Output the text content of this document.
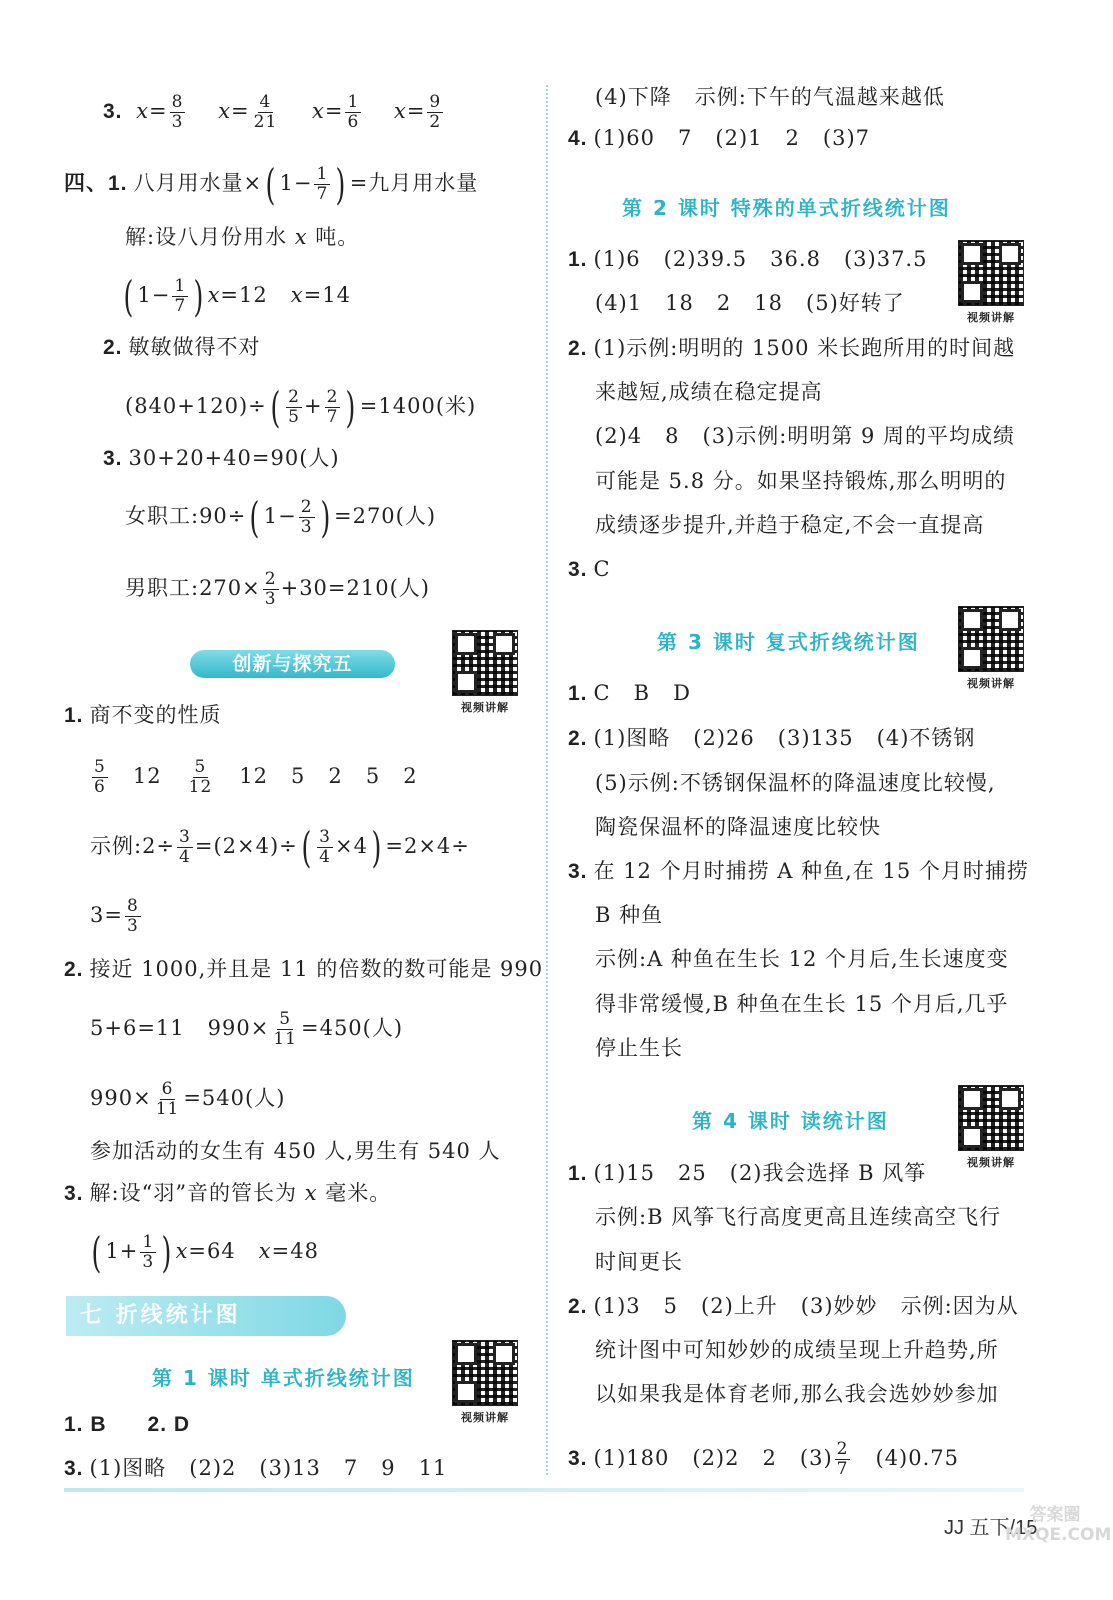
3. $x= \frac{8}{3} x= \frac{4}{21} x= \frac{1}{6} x= \frac{9}{2}$
四、1. 八月用水量×( $1- \frac{1}{7}$ ) =九月用水量
解:设八月份用水 x 吨。
( $1- \frac{1}{7}$ ) x=12 x=14
2. 敏敏做得不对
$(840+120)\div( \frac{2}{5} + \frac{2}{7}$ ) =1400(米)
3. 30+20+40=90(人)
女职工:90÷( $1- \frac{2}{3}$ ) =270(人)
男职工:270× $\frac{2}{3} +30=210$(人)
创新与探究五
视频讲解
1. 商不变的性质
$\frac{5}{6} 12 \frac{5}{12} 12$   5   2   5   2
示例:2÷ $\frac{3}{4} =(2\times 4)\div( \frac{3}{4} \times 4) =2\times 4\div$
$3= \frac{8}{3}$
2. 接近 1000,并且是 11 的倍数的数可能是 990
5+6=11   $990\times \frac{5}{11} =450$(人)
$990\times \frac{6}{11} =540$(人)
参加活动的女生有 450 人,男生有 540 人
3. 解:设“羽”音的管长为 x 毫米。
( $1+ \frac{1}{3}$ ) x=64 x=48
七 折线统计图
第 1 课时 单式折线统计图
视频讲解
1. B      2. D
3. (1)图略   (2)2   (3)13   7   9   11
(4)下降   示例:下午的气温越来越低
4. (1)60   7   (2)1   2   (3)7
第 2 课时 特殊的单式折线统计图
视频讲解
1. (1)6   (2)39.5   36.8   (3)37.5
(4)1   18   2   18   (5)好转了
2. (1)示例:明明的 1500 米长跑所用的时间越
来越短,成绩在稳定提高
(2)4   8   (3)示例:明明第 9 周的平均成绩
可能是 5.8 分。如果坚持锻炼,那么明明的
成绩逐步提升,并趋于稳定,不会一直提高
3. C
第 3 课时 复式折线统计图
视频讲解
1. C   B   D
2. (1)图略   (2)26   (3)135   (4)不锈钢
(5)示例:不锈钢保温杯的降温速度比较慢,
陶瓷保温杯的降温速度比较快
3. 在 12 个月时捕捞 A 种鱼,在 15 个月时捕捞
B 种鱼
示例:A 种鱼在生长 12 个月后,生长速度变
得非常缓慢,B 种鱼在生长 15 个月后,几乎
停止生长
第 4 课时 读统计图
视频讲解
1. (1)15   25   (2)我会选择 B 风筝
示例:B 风筝飞行高度更高且连续高空飞行
时间更长
2. (1)3   5   (2)上升   (3)妙妙   示例:因为从
统计图中可知妙妙的成绩呈现上升趋势,所
以如果我是体育老师,那么我会选妙妙参加
3. (1)180   (2)2   2   $(3) \frac{2}{7} (4)0.75$
JJ 五下/15
答案圈 MXQE.COM
